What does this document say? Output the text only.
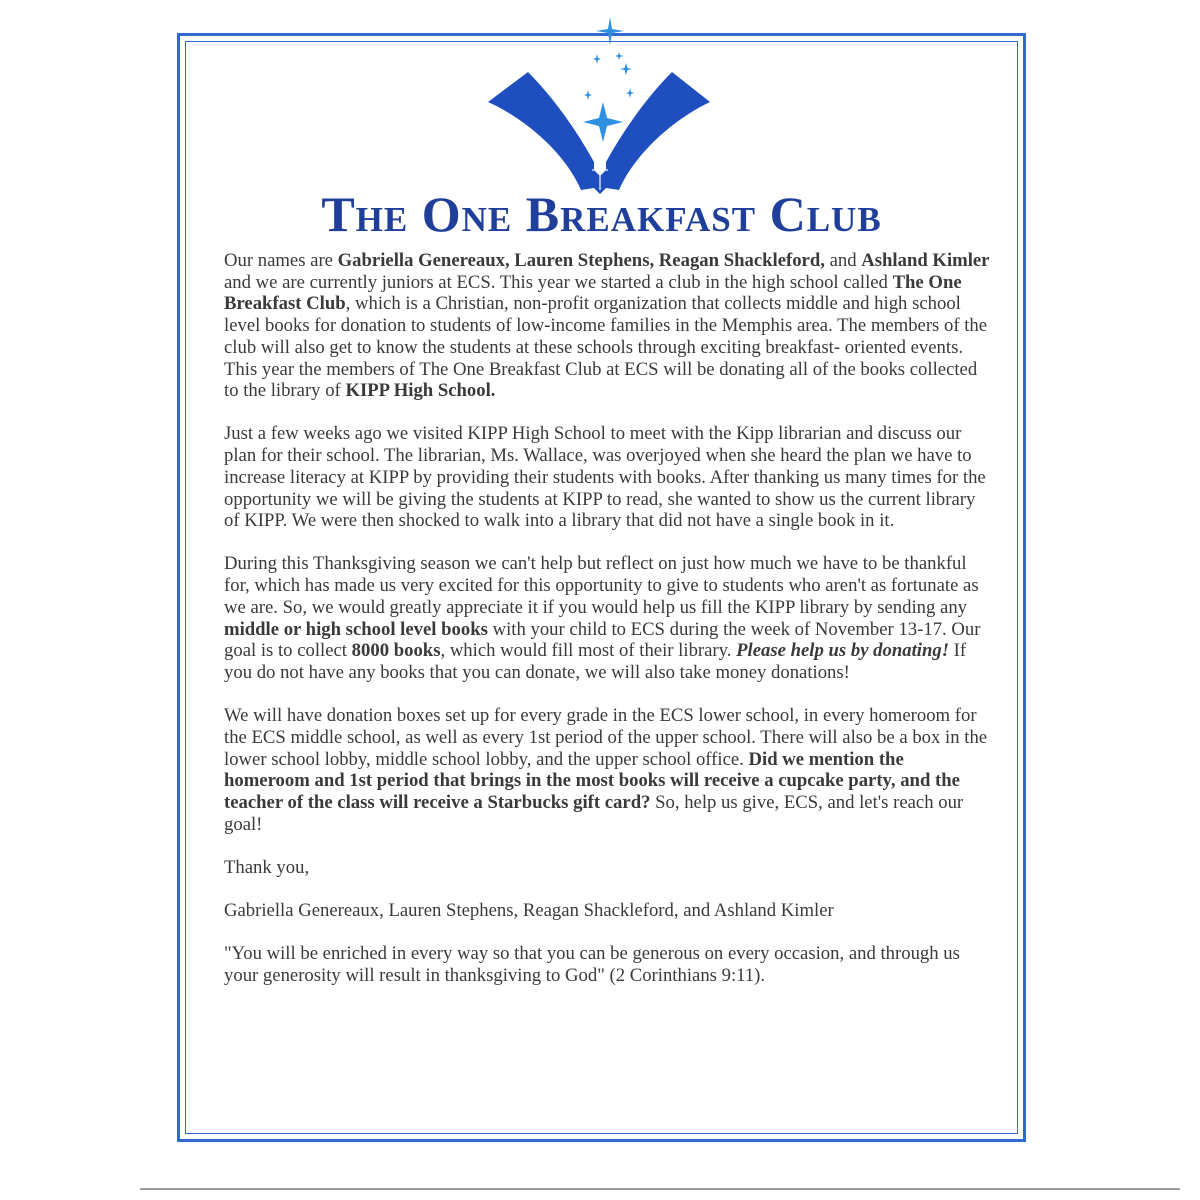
The One Breakfast Club

Our names are Gabriella Genereaux, Lauren Stephens, Reagan Shackleford, and Ashland Kimler and we are currently juniors at ECS. This year we started a club in the high school called The One Breakfast Club, which is a Christian, non-profit organization that collects middle and high school level books for donation to students of low-income families in the Memphis area. The members of the club will also get to know the students at these schools through exciting breakfast- oriented events. This year the members of The One Breakfast Club at ECS will be donating all of the books collected to the library of KIPP High School.

Just a few weeks ago we visited KIPP High School to meet with the Kipp librarian and discuss our plan for their school. The librarian, Ms. Wallace, was overjoyed when she heard the plan we have to increase literacy at KIPP by providing their students with books. After thanking us many times for the opportunity we will be giving the students at KIPP to read, she wanted to show us the current library of KIPP. We were then shocked to walk into a library that did not have a single book in it.

During this Thanksgiving season we can't help but reflect on just how much we have to be thankful for, which has made us very excited for this opportunity to give to students who aren't as fortunate as we are. So, we would greatly appreciate it if you would help us fill the KIPP library by sending any middle or high school level books with your child to ECS during the week of November 13-17. Our goal is to collect 8000 books, which would fill most of their library. Please help us by donating! If you do not have any books that you can donate, we will also take money donations!

We will have donation boxes set up for every grade in the ECS lower school, in every homeroom for the ECS middle school, as well as every 1st period of the upper school. There will also be a box in the lower school lobby, middle school lobby, and the upper school office. Did we mention the homeroom and 1st period that brings in the most books will receive a cupcake party, and the teacher of the class will receive a Starbucks gift card? So, help us give, ECS, and let's reach our goal!

Thank you,

Gabriella Genereaux, Lauren Stephens, Reagan Shackleford, and Ashland Kimler

"You will be enriched in every way so that you can be generous on every occasion, and through us your generosity will result in thanksgiving to God" (2 Corinthians 9:11).
